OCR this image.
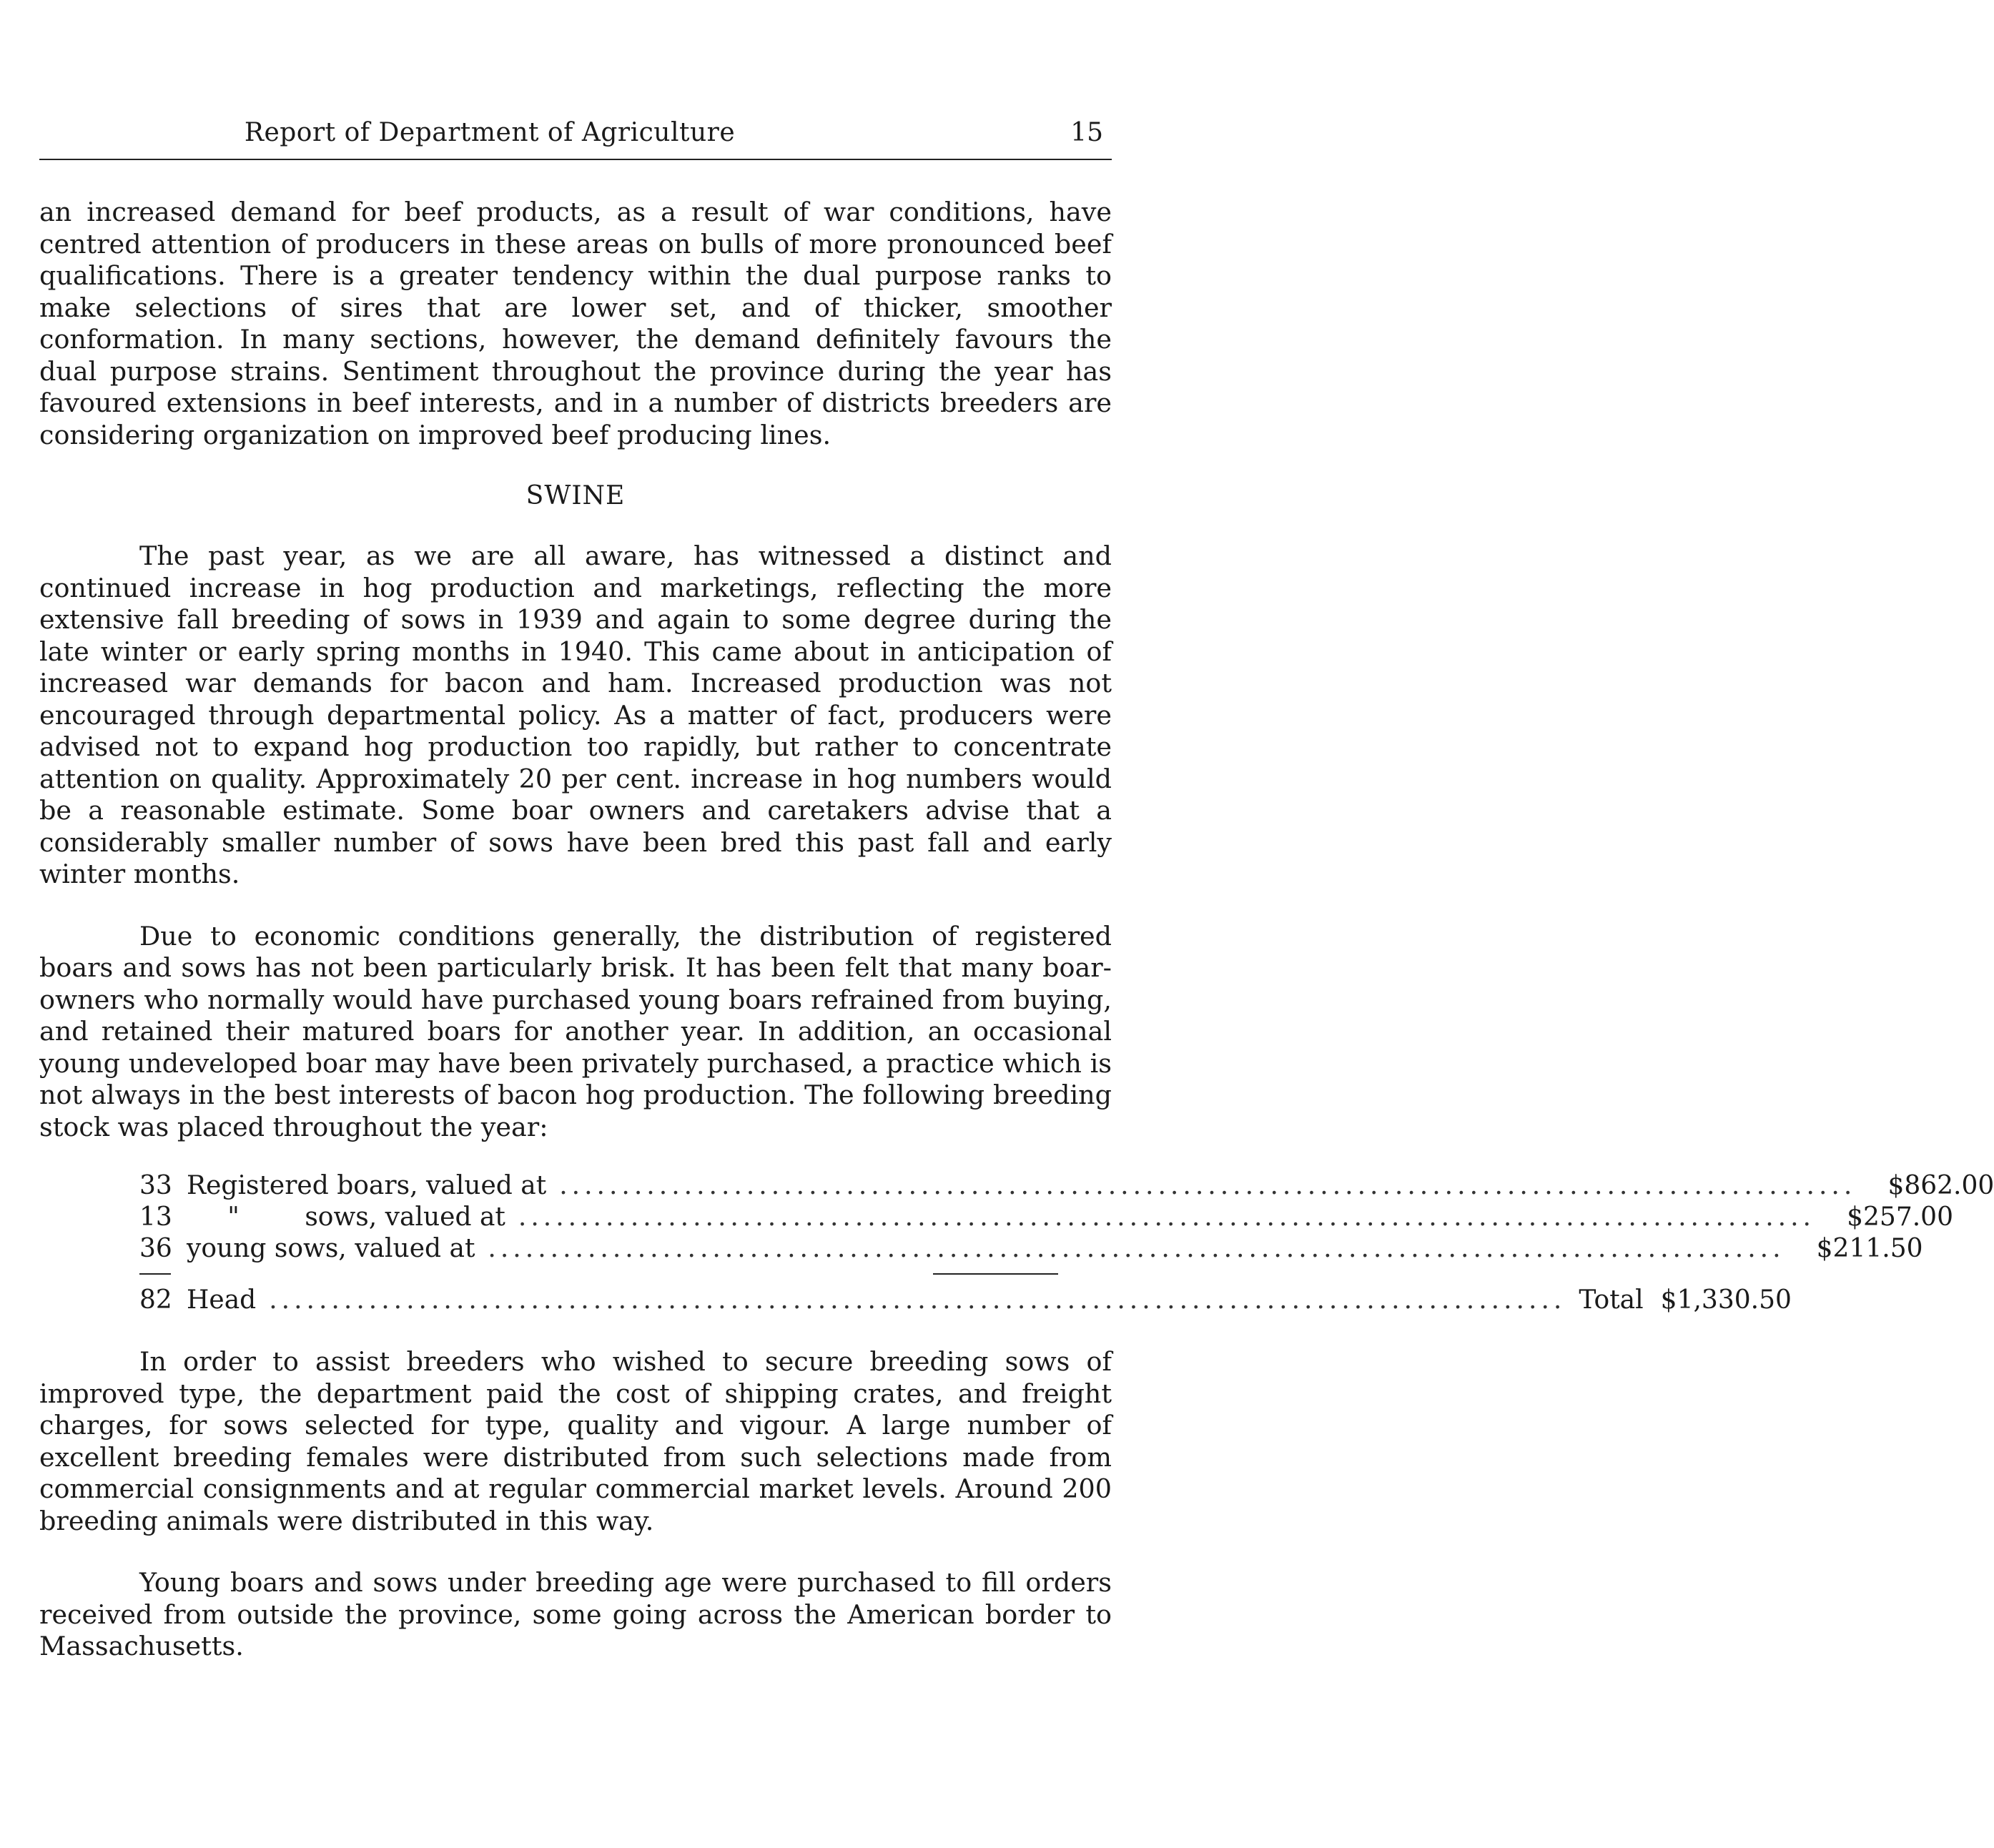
Report of Department of Agriculture	15

an increased demand for beef products, as a result of war conditions, have centred attention of producers in these areas on bulls of more pronounced beef qualifications. There is a greater tendency within the dual purpose ranks to make selections of sires that are lower set, and of thicker, smoother conformation. In many sections, however, the demand definitely favours the dual purpose strains. Sentiment throughout the province during the year has favoured extensions in beef interests, and in a number of districts breeders are considering organization on improved beef producing lines.

SWINE

The past year, as we are all aware, has witnessed a distinct and continued increase in hog production and marketings, reflecting the more extensive fall breeding of sows in 1939 and again to some degree during the late winter or early spring months in 1940. This came about in anticipation of increased war demands for bacon and ham. Increased production was not encouraged through departmental policy. As a matter of fact, producers were advised not to expand hog production too rapidly, but rather to concentrate attention on quality. Approximately 20 per cent. increase in hog numbers would be a reasonable estimate. Some boar owners and caretakers advise that a considerably smaller number of sows have been bred this past fall and early winter months.

Due to economic conditions generally, the distribution of registered boars and sows has not been particularly brisk. It has been felt that many boar-owners who normally would have purchased young boars refrained from buying, and retained their matured boars for another year. In addition, an occasional young undeveloped boar may have been privately purchased, a practice which is not always in the best interests of bacon hog production. The following breeding stock was placed throughout the year:

33 Registered boars, valued at ........................................................................................................	$862.00
13 "        sows, valued at ........................................................................................................	$257.00
36 young sows, valued at ........................................................................................................	$211.50
82 Head ........................................................................................................ Total $1,330.50

In order to assist breeders who wished to secure breeding sows of improved type, the department paid the cost of shipping crates, and freight charges, for sows selected for type, quality and vigour. A large number of excellent breeding females were distributed from such selections made from commercial consignments and at regular commercial market levels. Around 200 breeding animals were distributed in this way.

Young boars and sows under breeding age were purchased to fill orders received from outside the province, some going across the American border to Massachusetts.
